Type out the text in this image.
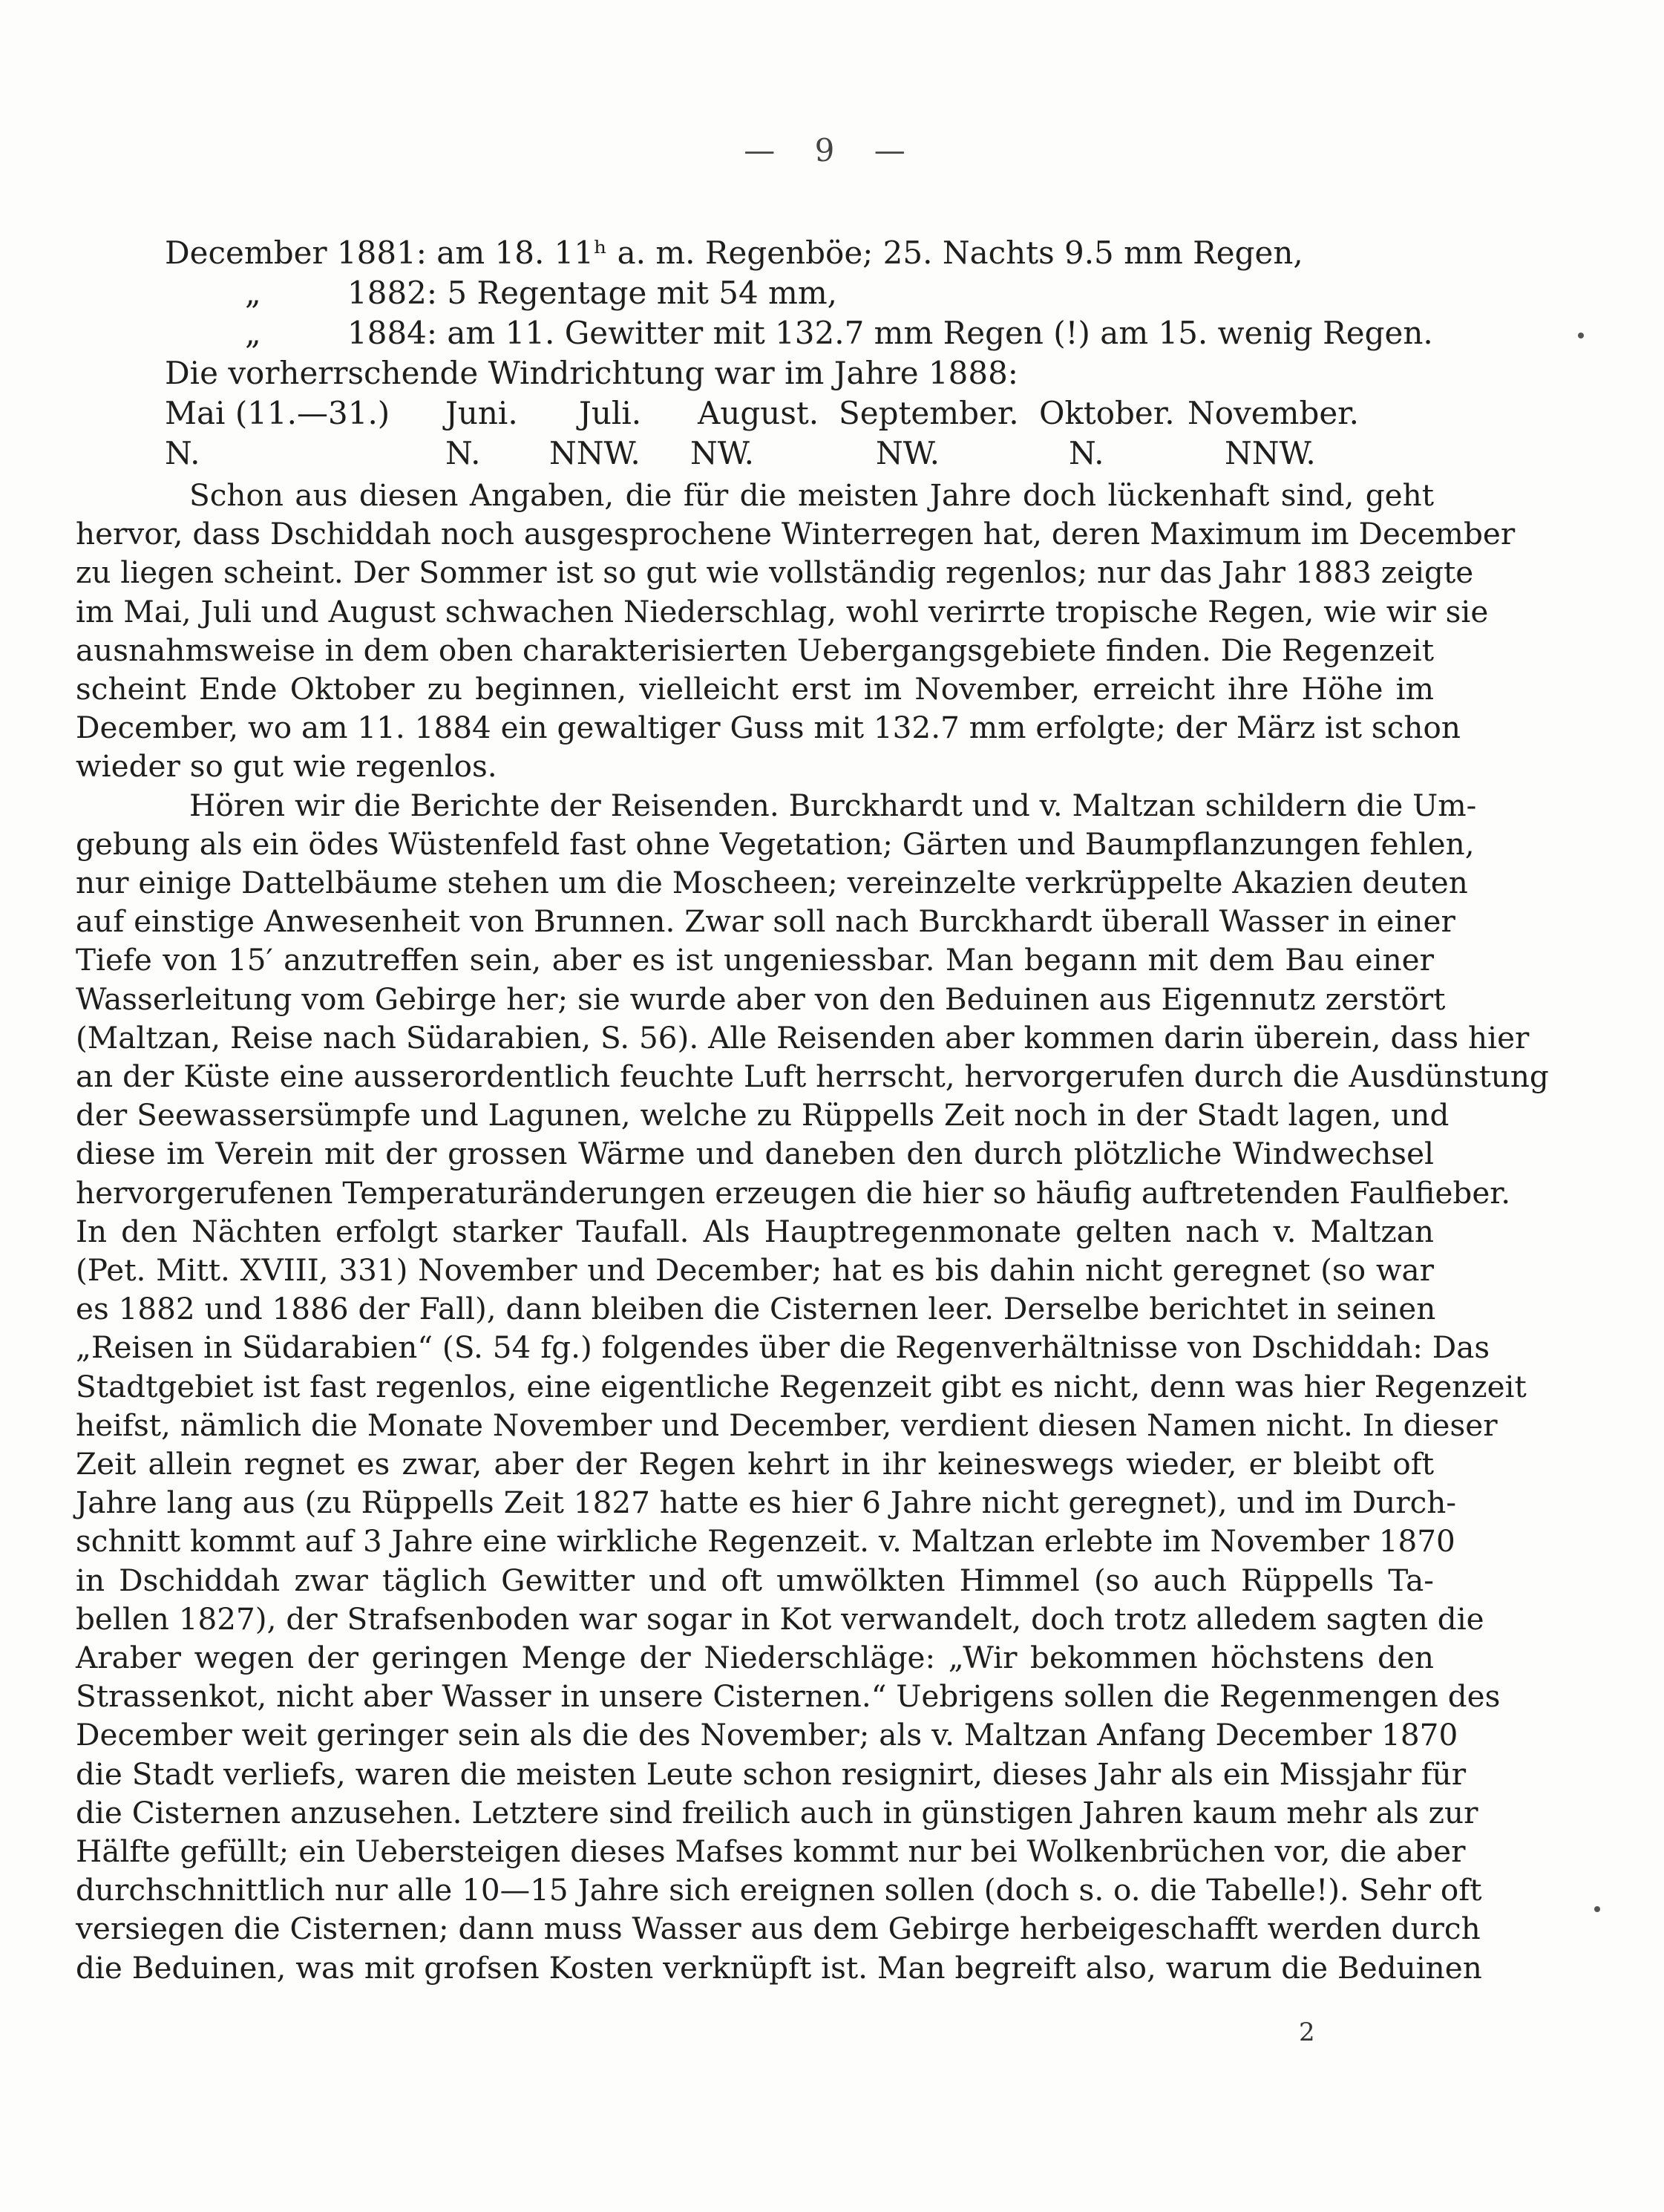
— 9 —
December 1881: am 18. 11ʰ a. m. Regenböe; 25. Nachts 9.5 mm Regen,
„	1882: 5 Regentage mit 54 mm,
„	1884: am 11. Gewitter mit 132.7 mm Regen (!) am 15. wenig Regen.
Die vorherrschende Windrichtung war im Jahre 1888:
Mai (11.—31.) Juni. Juli. August. September. Oktober. November.
N.	N. NNW. NW.	NW.	N.	NNW.
Schon aus diesen Angaben, die für die meisten Jahre doch lückenhaft sind, geht
hervor, dass Dschiddah noch ausgesprochene Winterregen hat, deren Maximum im December
zu liegen scheint. Der Sommer ist so gut wie vollständig regenlos; nur das Jahr 1883 zeigte
im Mai, Juli und August schwachen Niederschlag, wohl verirrte tropische Regen, wie wir sie
ausnahmsweise in dem oben charakterisierten Uebergangsgebiete finden. Die Regenzeit
scheint Ende Oktober zu beginnen, vielleicht erst im November, erreicht ihre Höhe im
December, wo am 11. 1884 ein gewaltiger Guss mit 132.7 mm erfolgte; der März ist schon
wieder so gut wie regenlos.
Hören wir die Berichte der Reisenden. Burckhardt und v. Maltzan schildern die Um-
gebung als ein ödes Wüstenfeld fast ohne Vegetation; Gärten und Baumpflanzungen fehlen,
nur einige Dattelbäume stehen um die Moscheen; vereinzelte verkrüppelte Akazien deuten
auf einstige Anwesenheit von Brunnen. Zwar soll nach Burckhardt überall Wasser in einer
Tiefe von 15′ anzutreffen sein, aber es ist ungeniessbar. Man begann mit dem Bau einer
Wasserleitung vom Gebirge her; sie wurde aber von den Beduinen aus Eigennutz zerstört
(Maltzan, Reise nach Südarabien, S. 56). Alle Reisenden aber kommen darin überein, dass hier
an der Küste eine ausserordentlich feuchte Luft herrscht, hervorgerufen durch die Ausdünstung
der Seewassersümpfe und Lagunen, welche zu Rüppells Zeit noch in der Stadt lagen, und
diese im Verein mit der grossen Wärme und daneben den durch plötzliche Windwechsel
hervorgerufenen Temperaturänderungen erzeugen die hier so häufig auftretenden Faulfieber.
In den Nächten erfolgt starker Taufall. Als Hauptregenmonate gelten nach v. Maltzan
(Pet. Mitt. XVIII, 331) November und December; hat es bis dahin nicht geregnet (so war
es 1882 und 1886 der Fall), dann bleiben die Cisternen leer. Derselbe berichtet in seinen
„Reisen in Südarabien“ (S. 54 fg.) folgendes über die Regenverhältnisse von Dschiddah: Das
Stadtgebiet ist fast regenlos, eine eigentliche Regenzeit gibt es nicht, denn was hier Regenzeit
heifst, nämlich die Monate November und December, verdient diesen Namen nicht. In dieser
Zeit allein regnet es zwar, aber der Regen kehrt in ihr keineswegs wieder, er bleibt oft
Jahre lang aus (zu Rüppells Zeit 1827 hatte es hier 6 Jahre nicht geregnet), und im Durch-
schnitt kommt auf 3 Jahre eine wirkliche Regenzeit. v. Maltzan erlebte im November 1870
in Dschiddah zwar täglich Gewitter und oft umwölkten Himmel (so auch Rüppells Ta-
bellen 1827), der Strafsenboden war sogar in Kot verwandelt, doch trotz alledem sagten die
Araber wegen der geringen Menge der Niederschläge: „Wir bekommen höchstens den
Strassenkot, nicht aber Wasser in unsere Cisternen.“ Uebrigens sollen die Regenmengen des
December weit geringer sein als die des November; als v. Maltzan Anfang December 1870
die Stadt verliefs, waren die meisten Leute schon resignirt, dieses Jahr als ein Missjahr für
die Cisternen anzusehen. Letztere sind freilich auch in günstigen Jahren kaum mehr als zur
Hälfte gefüllt; ein Uebersteigen dieses Mafses kommt nur bei Wolkenbrüchen vor, die aber
durchschnittlich nur alle 10—15 Jahre sich ereignen sollen (doch s. o. die Tabelle!). Sehr oft
versiegen die Cisternen; dann muss Wasser aus dem Gebirge herbeigeschafft werden durch
die Beduinen, was mit grofsen Kosten verknüpft ist. Man begreift also, warum die Beduinen
2
